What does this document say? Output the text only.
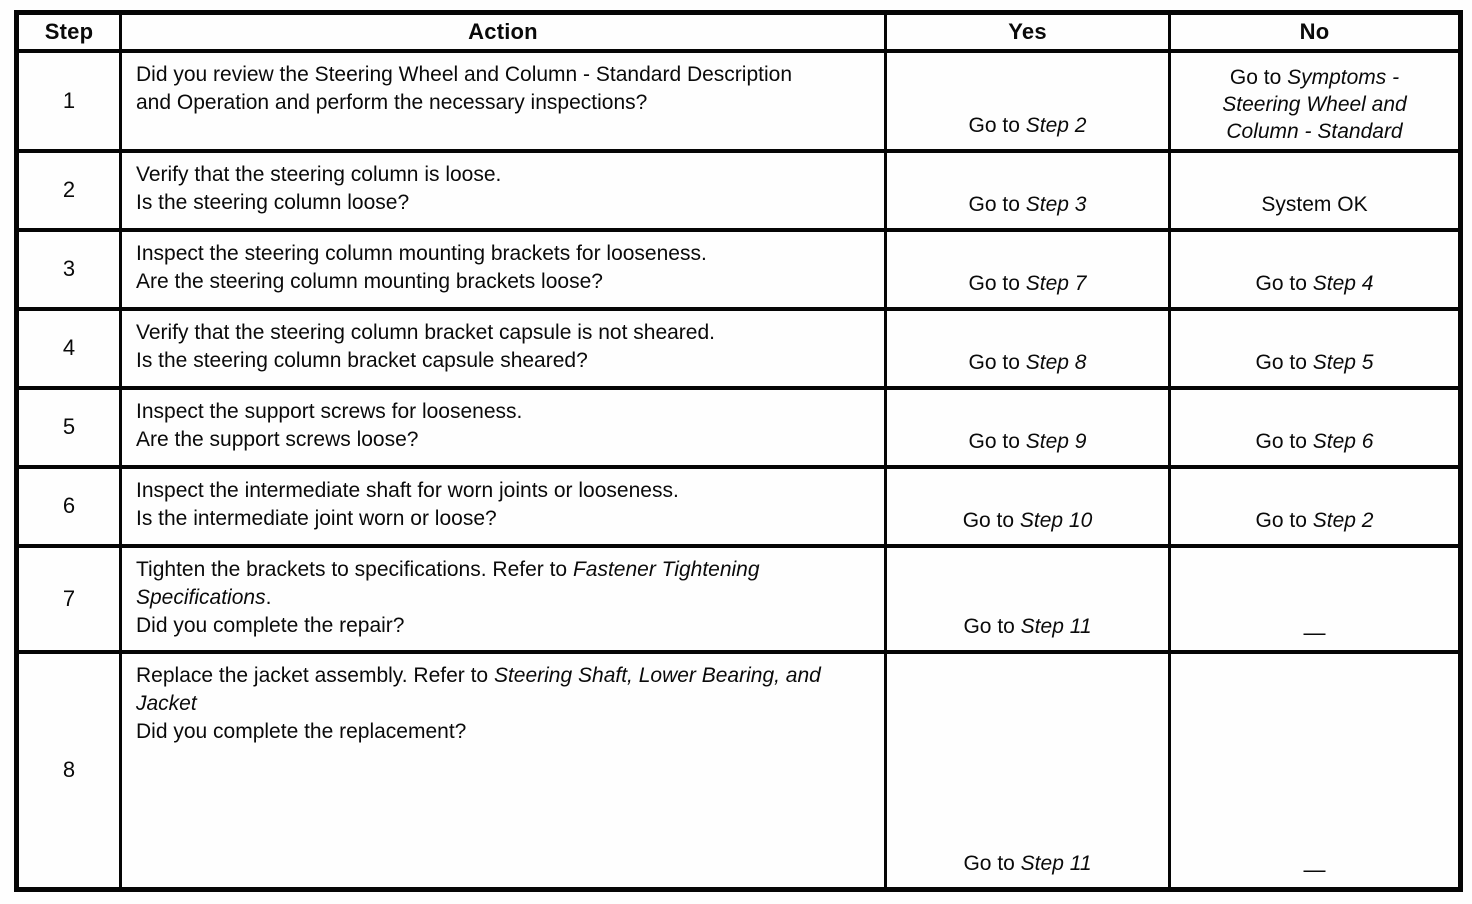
Step	Action	Yes	No
1	Did you review the Steering Wheel and Column - Standard Description and Operation and perform the necessary inspections?	Go to Step 2	Go to Symptoms - Steering Wheel and Column - Standard

2	Verify that the steering column is loose.
Is the steering column loose?	Go to Step 3	System OK

3	Inspect the steering column mounting brackets for looseness.
Are the steering column mounting brackets loose?	Go to Step 7	Go to Step 4

4	Verify that the steering column bracket capsule is not sheared.
Is the steering column bracket capsule sheared?	Go to Step 8	Go to Step 5

5	Inspect the support screws for looseness.
Are the support screws loose?	Go to Step 9	Go to Step 6

6	Inspect the intermediate shaft for worn joints or looseness.
Is the intermediate joint worn or loose?	Go to Step 10	Go to Step 2

7	Tighten the brackets to specifications. Refer to Fastener Tightening Specifications.
Did you complete the repair?	Go to Step 11	—

8	Replace the jacket assembly. Refer to Steering Shaft, Lower Bearing, and Jacket
Did you complete the replacement?	Go to Step 11	—
